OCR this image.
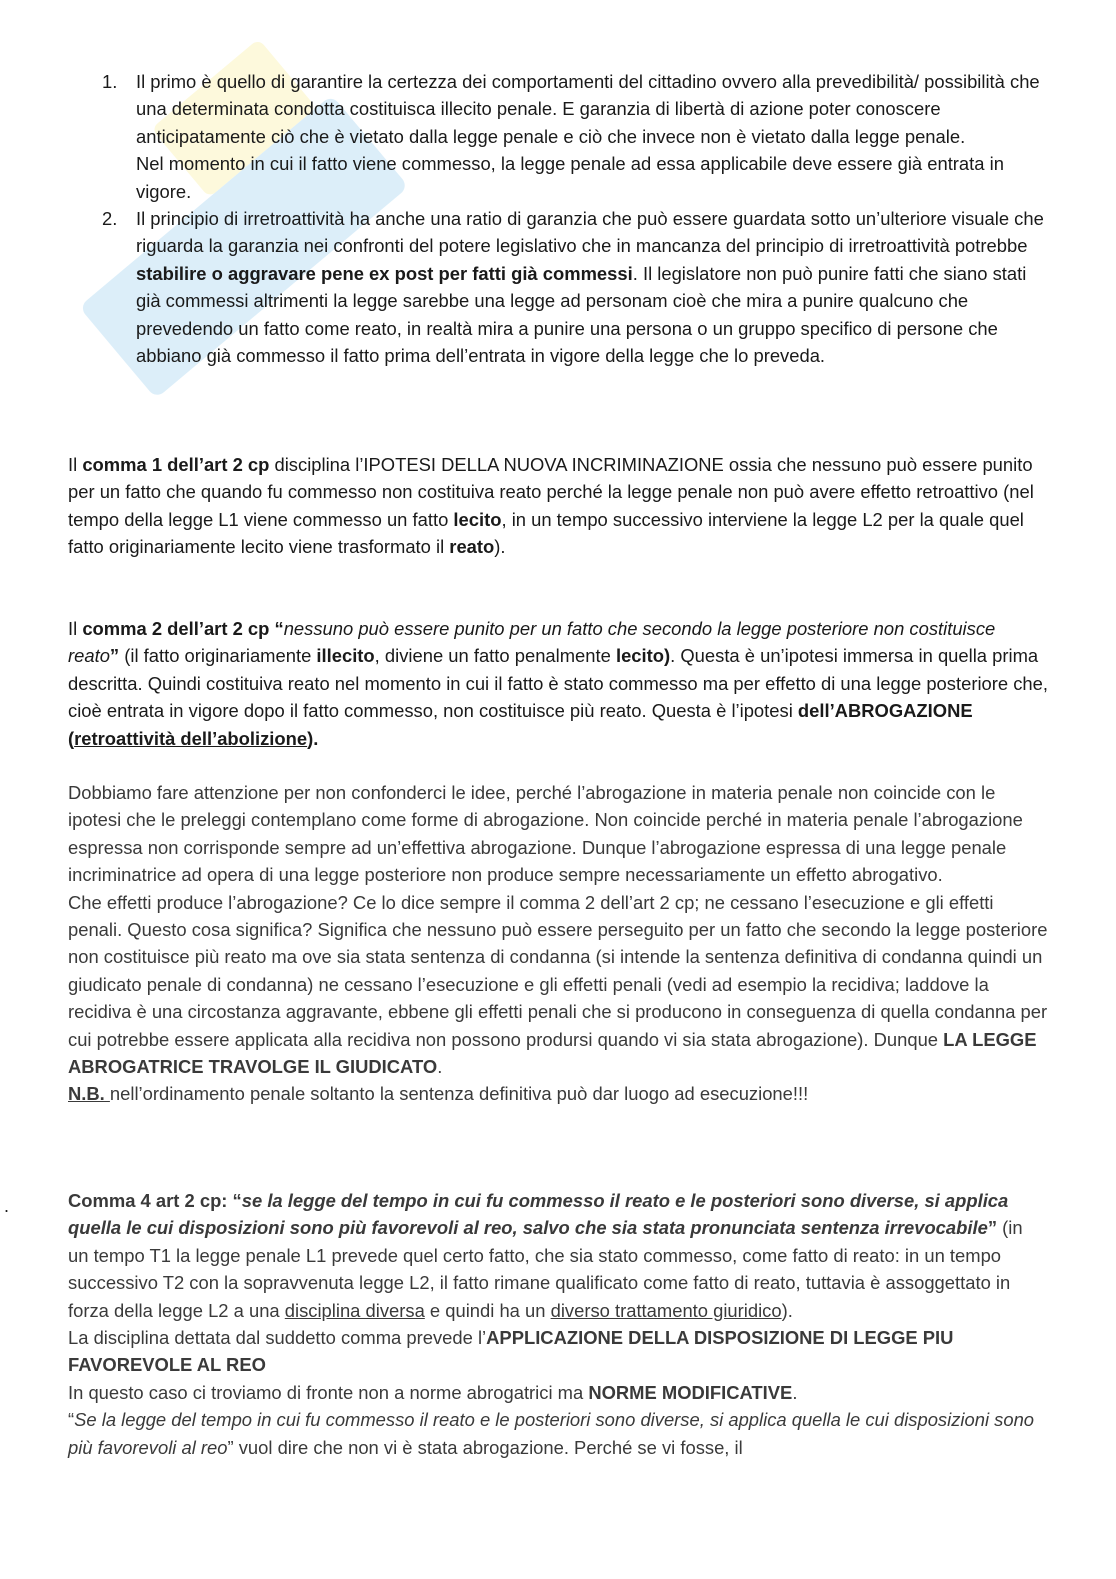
1. Il primo è quello di garantire la certezza dei comportamenti del cittadino ovvero alla prevedibilità/ possibilità che una determinata condotta costituisca illecito penale. E garanzia di libertà di azione poter conoscere anticipatamente ciò che è vietato dalla legge penale e ciò che invece non è vietato dalla legge penale.
Nel momento in cui il fatto viene commesso, la legge penale ad essa applicabile deve essere già entrata in vigore.
2. Il principio di irretroattività ha anche una ratio di garanzia che può essere guardata sotto un’ulteriore visuale che riguarda la garanzia nei confronti del potere legislativo che in mancanza del principio di irretroattività potrebbe stabilire o aggravare pene ex post per fatti già commessi. Il legislatore non può punire fatti che siano stati già commessi altrimenti la legge sarebbe una legge ad personam cioè che mira a punire qualcuno che prevedendo un fatto come reato, in realtà mira a punire una persona o un gruppo specifico di persone che abbiano già commesso il fatto prima dell’entrata in vigore della legge che lo preveda.

Il comma 1 dell’art 2 cp disciplina l’IPOTESI DELLA NUOVA INCRIMINAZIONE ossia che nessuno può essere punito per un fatto che quando fu commesso non costituiva reato perché la legge penale non può avere effetto retroattivo (nel tempo della legge L1 viene commesso un fatto lecito, in un tempo successivo interviene la legge L2 per la quale quel fatto originariamente lecito viene trasformato il reato).

Il comma 2 dell’art 2 cp “nessuno può essere punito per un fatto che secondo la legge posteriore non costituisce reato” (il fatto originariamente illecito, diviene un fatto penalmente lecito). Questa è un’ipotesi immersa in quella prima descritta. Quindi costituiva reato nel momento in cui il fatto è stato commesso ma per effetto di una legge posteriore che, cioè entrata in vigore dopo il fatto commesso, non costituisce più reato. Questa è l’ipotesi dell’ABROGAZIONE (retroattività dell’abolizione).

Dobbiamo fare attenzione per non confonderci le idee, perché l’abrogazione in materia penale non coincide con le ipotesi che le preleggi contemplano come forme di abrogazione. Non coincide perché in materia penale l’abrogazione espressa non corrisponde sempre ad un’effettiva abrogazione. Dunque l’abrogazione espressa di una legge penale incriminatrice ad opera di una legge posteriore non produce sempre necessariamente un effetto abrogativo.
Che effetti produce l’abrogazione? Ce lo dice sempre il comma 2 dell’art 2 cp; ne cessano l’esecuzione e gli effetti penali. Questo cosa significa? Significa che nessuno può essere perseguito per un fatto che secondo la legge posteriore non costituisce più reato ma ove sia stata sentenza di condanna (si intende la sentenza definitiva di condanna quindi un giudicato penale di condanna) ne cessano l’esecuzione e gli effetti penali (vedi ad esempio la recidiva; laddove la recidiva è una circostanza aggravante, ebbene gli effetti penali che si producono in conseguenza di quella condanna per cui potrebbe essere applicata alla recidiva non possono prodursi quando vi sia stata abrogazione). Dunque LA LEGGE ABROGATRICE TRAVOLGE IL GIUDICATO.
N.B. nell’ordinamento penale soltanto la sentenza definitiva può dar luogo ad esecuzione!!!

.	Comma 4 art 2 cp: “se la legge del tempo in cui fu commesso il reato e le posteriori sono diverse, si applica quella le cui disposizioni sono più favorevoli al reo, salvo che sia stata pronunciata sentenza irrevocabile” (in un tempo T1 la legge penale L1 prevede quel certo fatto, che sia stato commesso, come fatto di reato: in un tempo successivo T2 con la sopravvenuta legge L2, il fatto rimane qualificato come fatto di reato, tuttavia è assoggettato in forza della legge L2 a una disciplina diversa e quindi ha un diverso trattamento giuridico).
La disciplina dettata dal suddetto comma prevede l’APPLICAZIONE DELLA DISPOSIZIONE DI LEGGE PIU FAVOREVOLE AL REO
In questo caso ci troviamo di fronte non a norme abrogatrici ma NORME MODIFICATIVE.
“Se la legge del tempo in cui fu commesso il reato e le posteriori sono diverse, si applica quella le cui disposizioni sono più favorevoli al reo” vuol dire che non vi è stata abrogazione. Perché se vi fosse, il
